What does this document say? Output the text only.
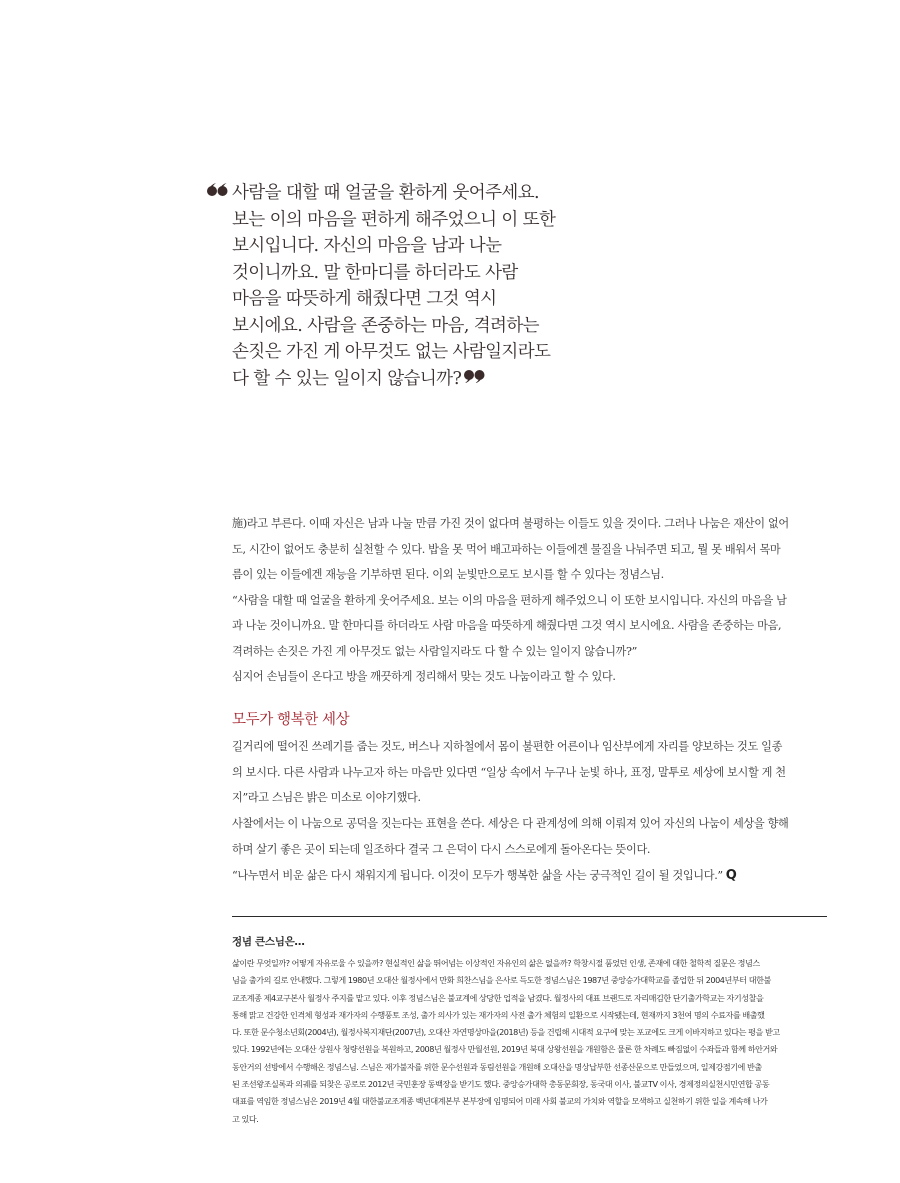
사람을 대할 때 얼굴을 환하게 웃어주세요.
보는 이의 마음을 편하게 해주었으니 이 또한
보시입니다. 자신의 마음을 남과 나눈
것이니까요. 말 한마디를 하더라도 사람
마음을 따뜻하게 해줬다면 그것 역시
보시에요. 사람을 존중하는 마음, 격려하는
손짓은 가진 게 아무것도 없는 사람일지라도
다 할 수 있는 일이지 않습니까?
施)라고 부른다. 이때 자신은 남과 나눌 만큼 가진 것이 없다며 불평하는 이들도 있을 것이다. 그러나 나눔은 재산이 없어
도, 시간이 없어도 충분히 실천할 수 있다. 밥을 못 먹어 배고파하는 이들에겐 물질을 나눠주면 되고, 뭘 못 배워서 목마
름이 있는 이들에겐 재능을 기부하면 된다. 이외 눈빛만으로도 보시를 할 수 있다는 정념스님.
“사람을 대할 때 얼굴을 환하게 웃어주세요. 보는 이의 마음을 편하게 해주었으니 이 또한 보시입니다. 자신의 마음을 남
과 나눈 것이니까요. 말 한마디를 하더라도 사람 마음을 따뜻하게 해줬다면 그것 역시 보시에요. 사람을 존중하는 마음,
격려하는 손짓은 가진 게 아무것도 없는 사람일지라도 다 할 수 있는 일이지 않습니까?”
심지어 손님들이 온다고 방을 깨끗하게 정리해서 맞는 것도 나눔이라고 할 수 있다.
모두가 행복한 세상
길거리에 떨어진 쓰레기를 줍는 것도, 버스나 지하철에서 몸이 불편한 어른이나 임산부에게 자리를 양보하는 것도 일종
의 보시다. 다른 사람과 나누고자 하는 마음만 있다면 “일상 속에서 누구나 눈빛 하나, 표정, 말투로 세상에 보시할 게 천
지”라고 스님은 밝은 미소로 이야기했다.
사찰에서는 이 나눔으로 공덕을 짓는다는 표현을 쓴다. 세상은 다 관계성에 의해 이뤄져 있어 자신의 나눔이 세상을 향해
하며 살기 좋은 곳이 되는데 일조하다 결국 그 은덕이 다시 스스로에게 돌아온다는 뜻이다.
“나누면서 비운 삶은 다시 채워지게 됩니다. 이것이 모두가 행복한 삶을 사는 궁극적인 길이 될 것입니다.” Q
정념 큰스님은…
삶이란 무엇일까? 어떻게 자유로울 수 있을까? 현실적인 삶을 뛰어넘는 이상적인 자유인의 삶은 없을까? 학창시절 품었던 인생, 존재에 대한 철학적 질문은 정념스
님을 출가의 길로 안내했다. 그렇게 1980년 오대산 월정사에서 만화 희찬스님을 은사로 득도한 정념스님은 1987년 중앙승가대학교를 졸업한 뒤 2004년부터 대한불
교조계종 제4교구본사 월정사 주지를 맡고 있다. 이후 정념스님은 불교계에 상당한 업적을 남겼다. 월정사의 대표 브랜드로 자리매김한 단기출가학교는 자기성찰을
통해 맑고 건강한 인격체 형성과 재가자의 수행풍토 조성, 출가 의사가 있는 재가자의 사전 출가 체험의 일환으로 시작됐는데, 현재까지 3천여 명의 수료자를 배출했
다. 또한 문수청소년회(2004년), 월정사복지재단(2007년), 오대산 자연명상마을(2018년) 등을 건립해 시대적 요구에 맞는 포교에도 크게 이바지하고 있다는 평을 받고
있다. 1992년에는 오대산 상원사 청량선원을 복원하고, 2008년 월정사 만월선원, 2019년 북대 상왕선원을 개원함은 물론 한 차례도 빠짐없이 수좌들과 함께 하안거와
동안거의 선방에서 수행해온 정념스님. 스님은 재가불자를 위한 문수선원과 동림선원을 개원해 오대산을 명상납부한 선종산문으로 만들었으며, 일제강점기에 반출
된 조선왕조실록과 의궤를 되찾은 공로로 2012년 국민훈장 동백장을 받기도 했다. 중앙승가대학 총동문회장, 동국대 이사, 불교TV 이사, 경제정의실천시민연합 공동
대표를 역임한 정념스님은 2019년 4월 대한불교조계종 백년대계본부 본부장에 임명되어 미래 사회 불교의 가치와 역할을 모색하고 실천하기 위한 일을 계속해 나가
고 있다.
